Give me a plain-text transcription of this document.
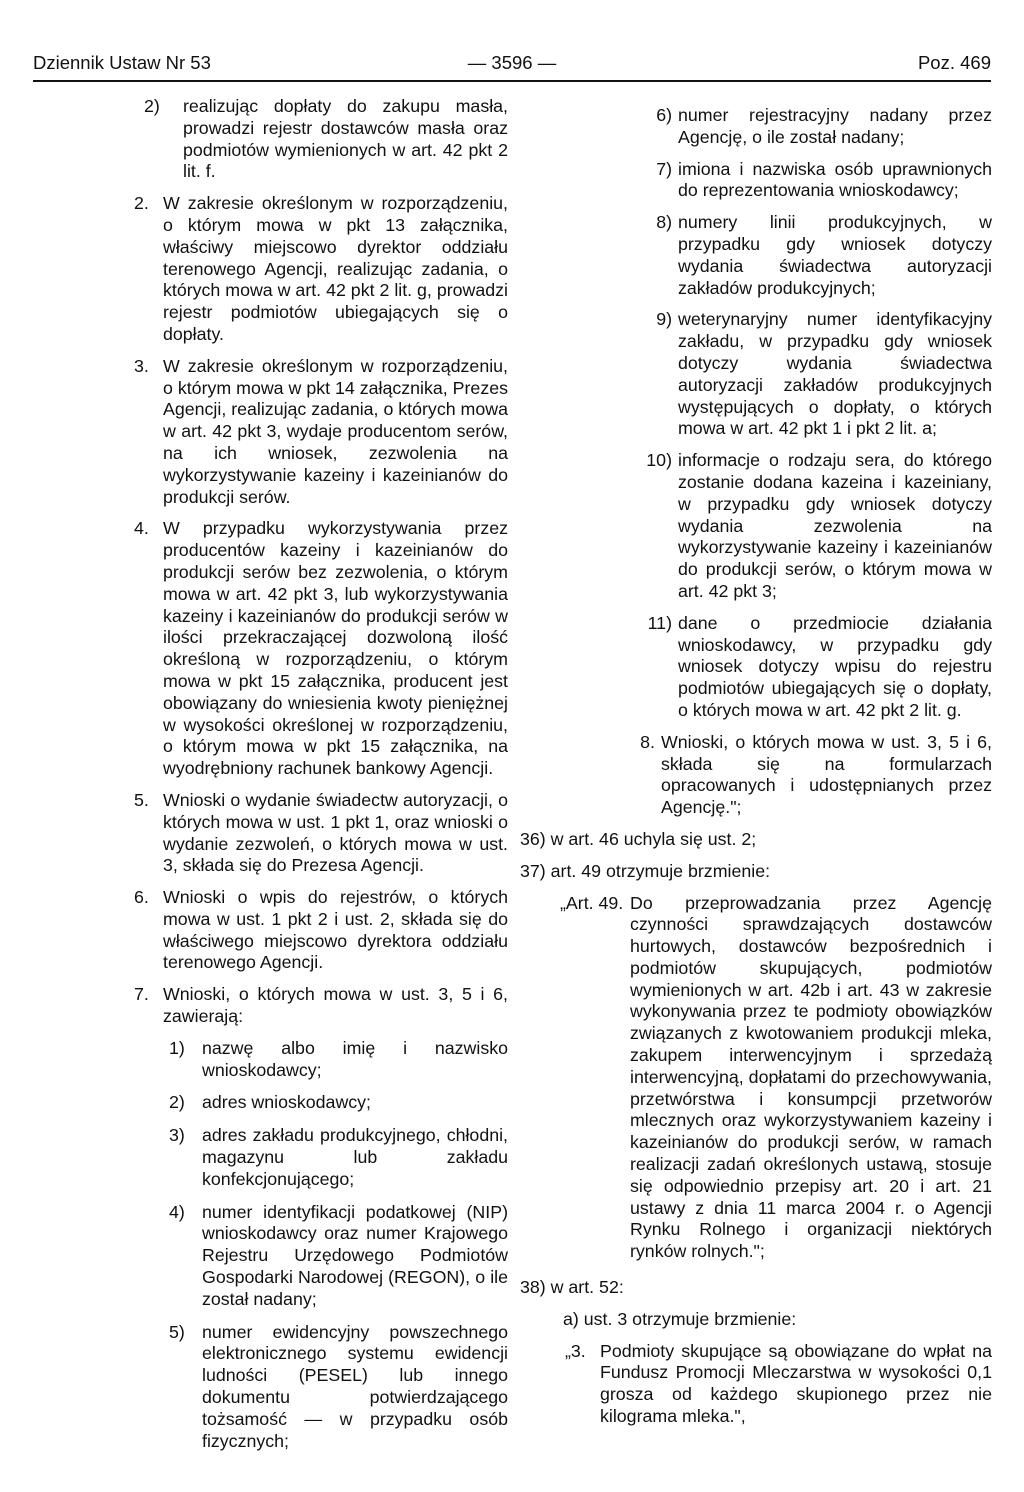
Dziennik Ustaw Nr 53	— 3596 —	Poz. 469
2) realizując dopłaty do zakupu masła, prowadzi rejestr dostawców masła oraz podmiotów wymienionych w art. 42 pkt 2 lit. f.
2. W zakresie określonym w rozporządzeniu, o którym mowa w pkt 13 załącznika, właściwy miejscowo dyrektor oddziału terenowego Agencji, realizując zadania, o których mowa w art. 42 pkt 2 lit. g, prowadzi rejestr podmiotów ubiegających się o dopłaty.
3. W zakresie określonym w rozporządzeniu, o którym mowa w pkt 14 załącznika, Prezes Agencji, realizując zadania, o których mowa w art. 42 pkt 3, wydaje producentom serów, na ich wniosek, zezwolenia na wykorzystywanie kazeiny i kazeinianów do produkcji serów.
4. W przypadku wykorzystywania przez producentów kazeiny i kazeinianów do produkcji serów bez zezwolenia, o którym mowa w art. 42 pkt 3, lub wykorzystywania kazeiny i kazeinianów do produkcji serów w ilości przekraczającej dozwoloną ilość określoną w rozporządzeniu, o którym mowa w pkt 15 załącznika, producent jest obowiązany do wniesienia kwoty pieniężnej w wysokości określonej w rozporządzeniu, o którym mowa w pkt 15 załącznika, na wyodrębniony rachunek bankowy Agencji.
5. Wnioski o wydanie świadectw autoryzacji, o których mowa w ust. 1 pkt 1, oraz wnioski o wydanie zezwoleń, o których mowa w ust. 3, składa się do Prezesa Agencji.
6. Wnioski o wpis do rejestrów, o których mowa w ust. 1 pkt 2 i ust. 2, składa się do właściwego miejscowo dyrektora oddziału terenowego Agencji.
7. Wnioski, o których mowa w ust. 3, 5 i 6, zawierają:
1) nazwę albo imię i nazwisko wnioskodawcy;
2) adres wnioskodawcy;
3) adres zakładu produkcyjnego, chłodni, magazynu lub zakładu konfekcjonującego;
4) numer identyfikacji podatkowej (NIP) wnioskodawcy oraz numer Krajowego Rejestru Urzędowego Podmiotów Gospodarki Narodowej (REGON), o ile został nadany;
5) numer ewidencyjny powszechnego elektronicznego systemu ewidencji ludności (PESEL) lub innego dokumentu potwierdzającego tożsamość — w przypadku osób fizycznych;
6) numer rejestracyjny nadany przez Agencję, o ile został nadany;
7) imiona i nazwiska osób uprawnionych do reprezentowania wnioskodawcy;
8) numery linii produkcyjnych, w przypadku gdy wniosek dotyczy wydania świadectwa autoryzacji zakładów produkcyjnych;
9) weterynaryjny numer identyfikacyjny zakładu, w przypadku gdy wniosek dotyczy wydania świadectwa autoryzacji zakładów produkcyjnych występujących o dopłaty, o których mowa w art. 42 pkt 1 i pkt 2 lit. a;
10) informacje o rodzaju sera, do którego zostanie dodana kazeina i kazeiniany, w przypadku gdy wniosek dotyczy wydania zezwolenia na wykorzystywanie kazeiny i kazeinianów do produkcji serów, o którym mowa w art. 42 pkt 3;
11) dane o przedmiocie działania wnioskodawcy, w przypadku gdy wniosek dotyczy wpisu do rejestru podmiotów ubiegających się o dopłaty, o których mowa w art. 42 pkt 2 lit. g.
8. Wnioski, o których mowa w ust. 3, 5 i 6, składa się na formularzach opracowanych i udostępnianych przez Agencję.";
36) w art. 46 uchyla się ust. 2;
37) art. 49 otrzymuje brzmienie:
„Art. 49. Do przeprowadzania przez Agencję czynności sprawdzających dostawców hurtowych, dostawców bezpośrednich i podmiotów skupujących, podmiotów wymienionych w art. 42b i art. 43 w zakresie wykonywania przez te podmioty obowiązków związanych z kwotowaniem produkcji mleka, zakupem interwencyjnym i sprzedażą interwencyjną, dopłatami do przechowywania, przetwórstwa i konsumpcji przetworów mlecznych oraz wykorzystywaniem kazeiny i kazeinianów do produkcji serów, w ramach realizacji zadań określonych ustawą, stosuje się odpowiednio przepisy art. 20 i art. 21 ustawy z dnia 11 marca 2004 r. o Agencji Rynku Rolnego i organizacji niektórych rynków rolnych.";
38) w art. 52:
a) ust. 3 otrzymuje brzmienie:
„3. Podmioty skupujące są obowiązane do wpłat na Fundusz Promocji Mleczarstwa w wysokości 0,1 grosza od każdego skupionego przez nie kilograma mleka.",
